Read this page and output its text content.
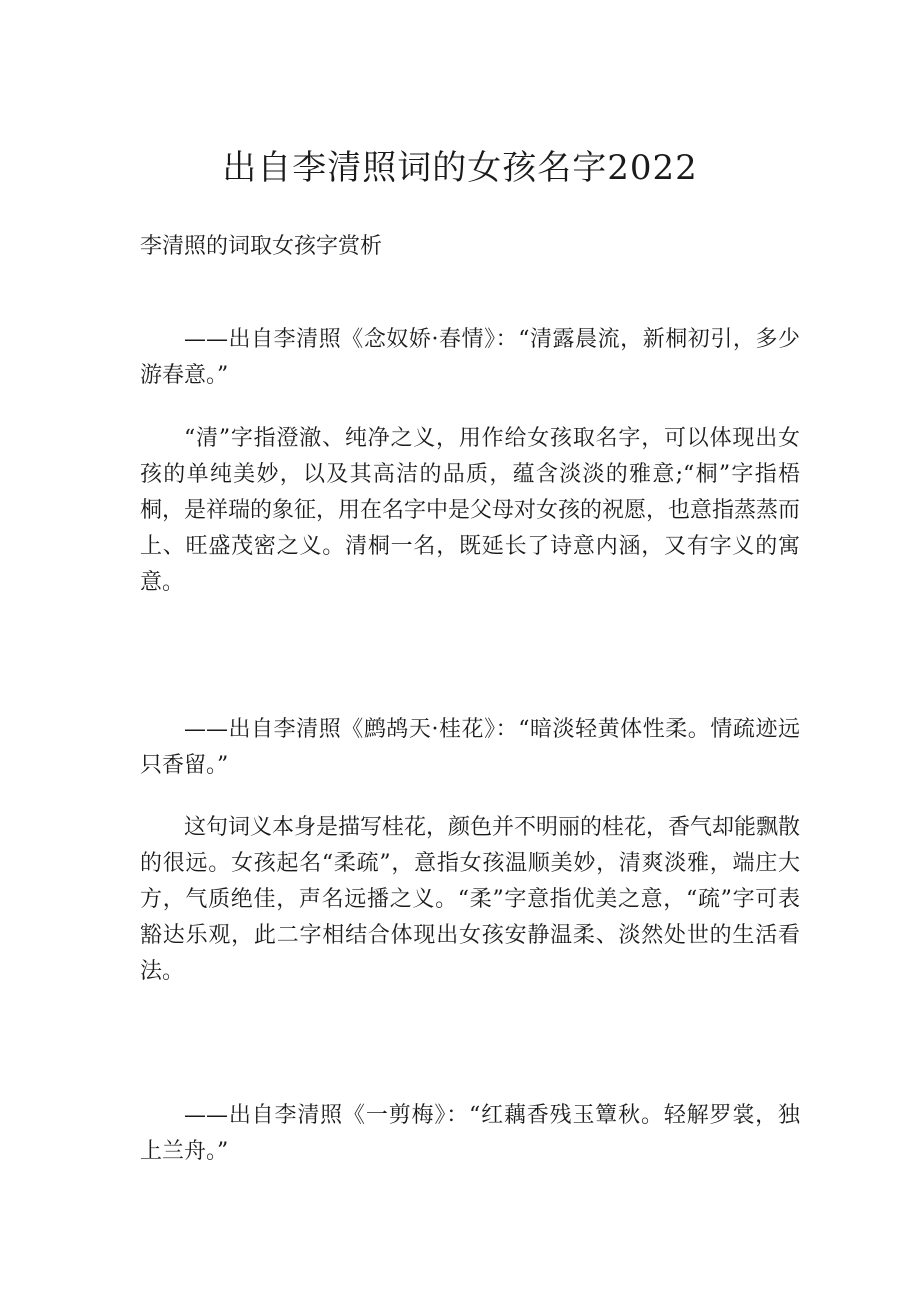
出自李清照词的女孩名字2022

李清照的词取女孩字赏析

——出自李清照《念奴娇·春情》：“清露晨流，新桐初引，多少游春意。”

“清”字指澄澈、纯净之义，用作给女孩取名字，可以体现出女孩的单纯美妙，以及其高洁的品质，蕴含淡淡的雅意;“桐”字指梧桐，是祥瑞的象征，用在名字中是父母对女孩的祝愿，也意指蒸蒸而上、旺盛茂密之义。清桐一名，既延长了诗意内涵，又有字义的寓意。

——出自李清照《鹧鸪天·桂花》：“暗淡轻黄体性柔。情疏迹远只香留。”

这句词义本身是描写桂花，颜色并不明丽的桂花，香气却能飘散的很远。女孩起名“柔疏”，意指女孩温顺美妙，清爽淡雅，端庄大方，气质绝佳，声名远播之义。“柔”字意指优美之意，“疏”字可表豁达乐观，此二字相结合体现出女孩安静温柔、淡然处世的生活看法。

——出自李清照《一剪梅》：“红藕香残玉簟秋。轻解罗裳，独上兰舟。”
